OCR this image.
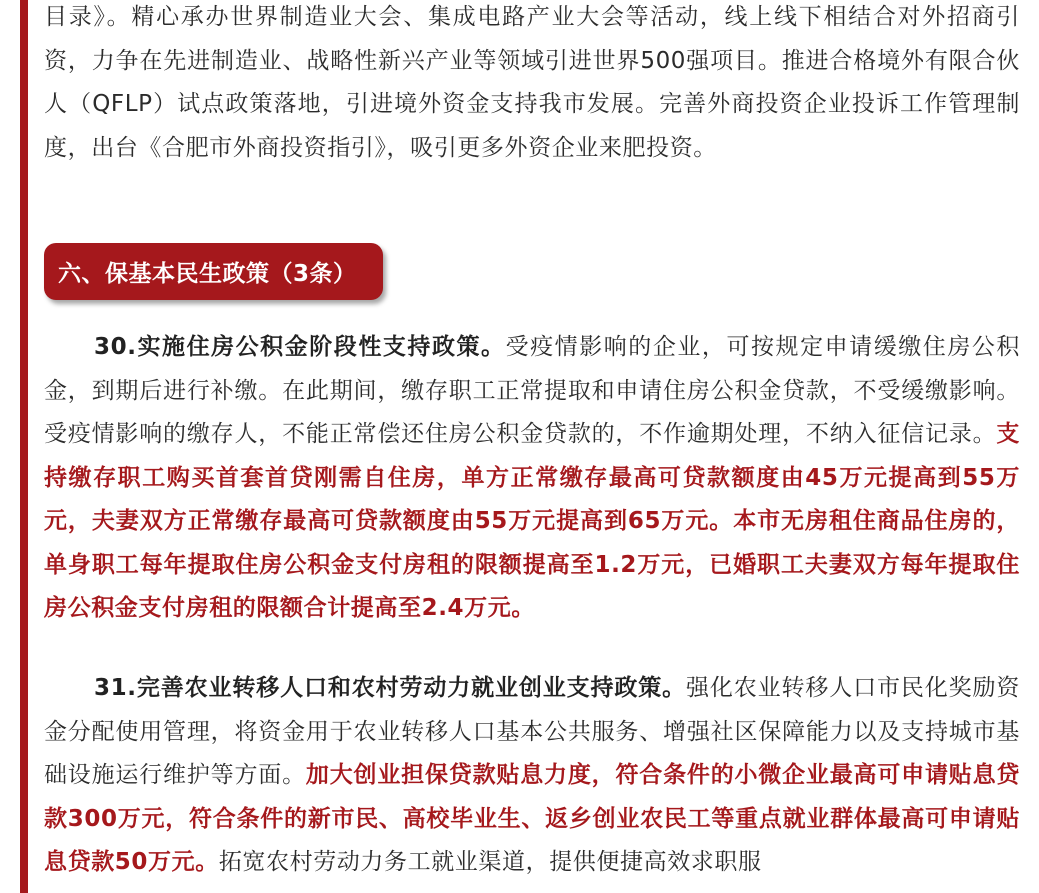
目录》。精心承办世界制造业大会、集成电路产业大会等活动，线上线下相结合对外招商引资，力争在先进制造业、战略性新兴产业等领域引进世界500强项目。推进合格境外有限合伙人（QFLP）试点政策落地，引进境外资金支持我市发展。完善外商投资企业投诉工作管理制度，出台《合肥市外商投资指引》，吸引更多外资企业来肥投资。

六、保基本民生政策（3条）

30.实施住房公积金阶段性支持政策。受疫情影响的企业，可按规定申请缓缴住房公积金，到期后进行补缴。在此期间，缴存职工正常提取和申请住房公积金贷款，不受缓缴影响。受疫情影响的缴存人，不能正常偿还住房公积金贷款的，不作逾期处理，不纳入征信记录。支持缴存职工购买首套首贷刚需自住房，单方正常缴存最高可贷款额度由45万元提高到55万元，夫妻双方正常缴存最高可贷款额度由55万元提高到65万元。本市无房租住商品住房的，单身职工每年提取住房公积金支付房租的限额提高至1.2万元，已婚职工夫妻双方每年提取住房公积金支付房租的限额合计提高至2.4万元。

31.完善农业转移人口和农村劳动力就业创业支持政策。强化农业转移人口市民化奖励资金分配使用管理，将资金用于农业转移人口基本公共服务、增强社区保障能力以及支持城市基础设施运行维护等方面。加大创业担保贷款贴息力度，符合条件的小微企业最高可申请贴息贷款300万元，符合条件的新市民、高校毕业生、返乡创业农民工等重点就业群体最高可申请贴息贷款50万元。拓宽农村劳动力务工就业渠道，提供便捷高效求职服
